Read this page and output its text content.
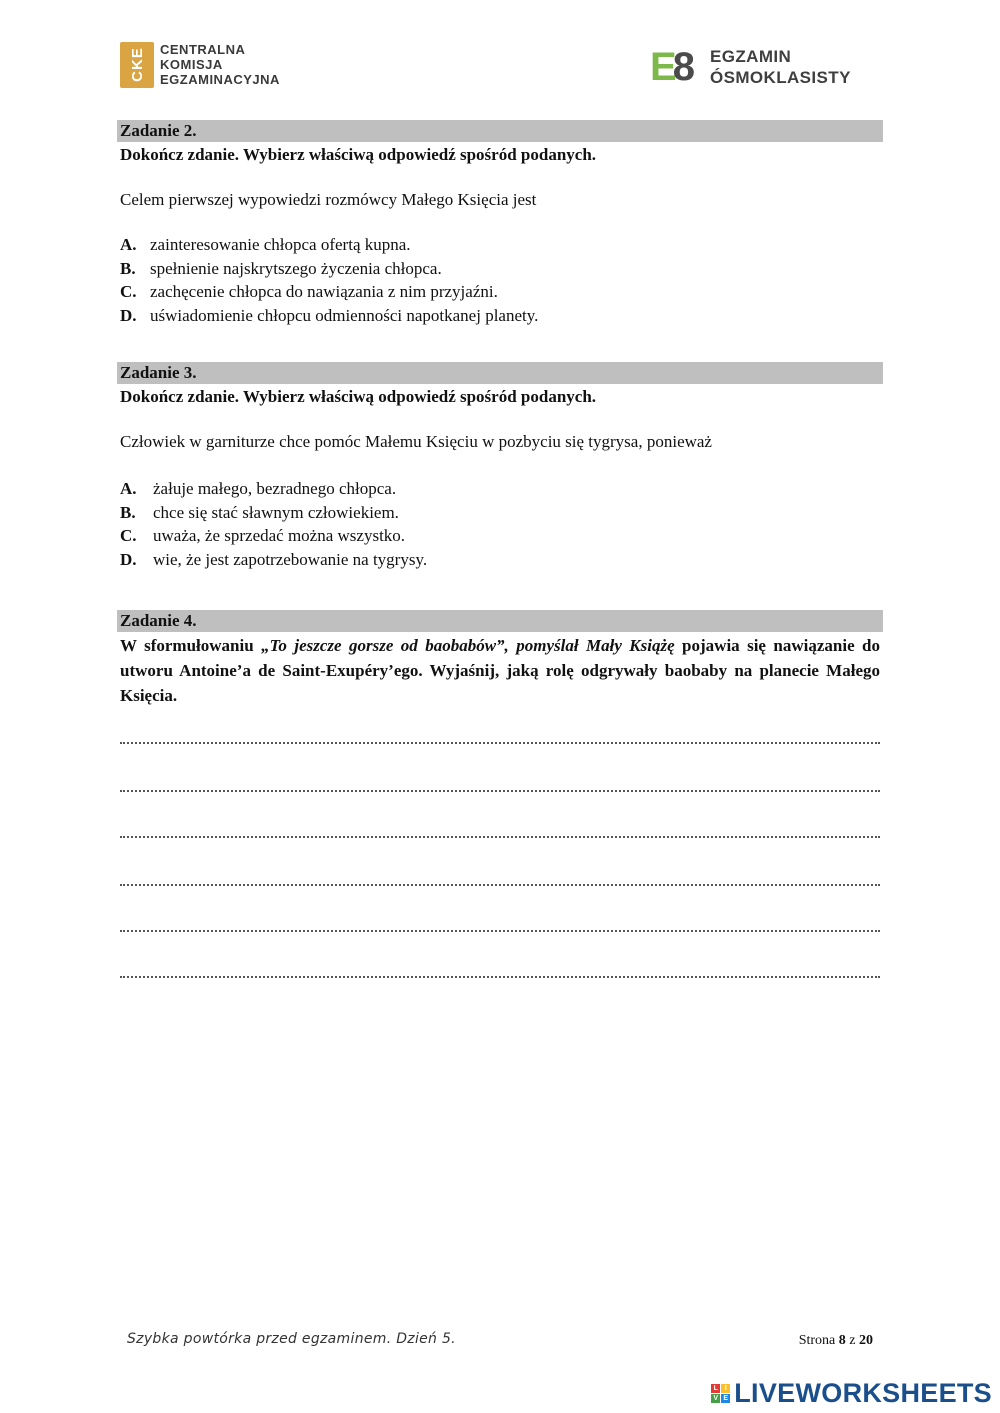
CKE CENTRALNA
KOMISJA
EGZAMINACYJNA	E8	EGZAMIN
ÓSMOKLASISTY
Zadanie 2.
Dokończ zdanie. Wybierz właściwą odpowiedź spośród podanych.
Celem pierwszej wypowiedzi rozmówcy Małego Księcia jest
A. zainteresowanie chłopca ofertą kupna.
B. spełnienie najskrytszego życzenia chłopca.
C. zachęcenie chłopca do nawiązania z nim przyjaźni.
D. uświadomienie chłopcu odmienności napotkanej planety.
Zadanie 3.
Dokończ zdanie. Wybierz właściwą odpowiedź spośród podanych.
Człowiek w garniturze chce pomóc Małemu Księciu w pozbyciu się tygrysa, ponieważ
A. żałuje małego, bezradnego chłopca.
B. chce się stać sławnym człowiekiem.
C. uważa, że sprzedać można wszystko.
D. wie, że jest zapotrzebowanie na tygrysy.
Zadanie 4.
W sformułowaniu „To jeszcze gorsze od baobabów”, pomyślał Mały Książę pojawia się nawiązanie do utworu Antoine’a de Saint-Exupéry’ego. Wyjaśnij, jaką rolę odgrywały baobaby na planecie Małego Księcia.
Szybka powtórka przed egzaminem. Dzień 5.	Strona 8 z 20
L I
V E LIVEWORKSHEETS
